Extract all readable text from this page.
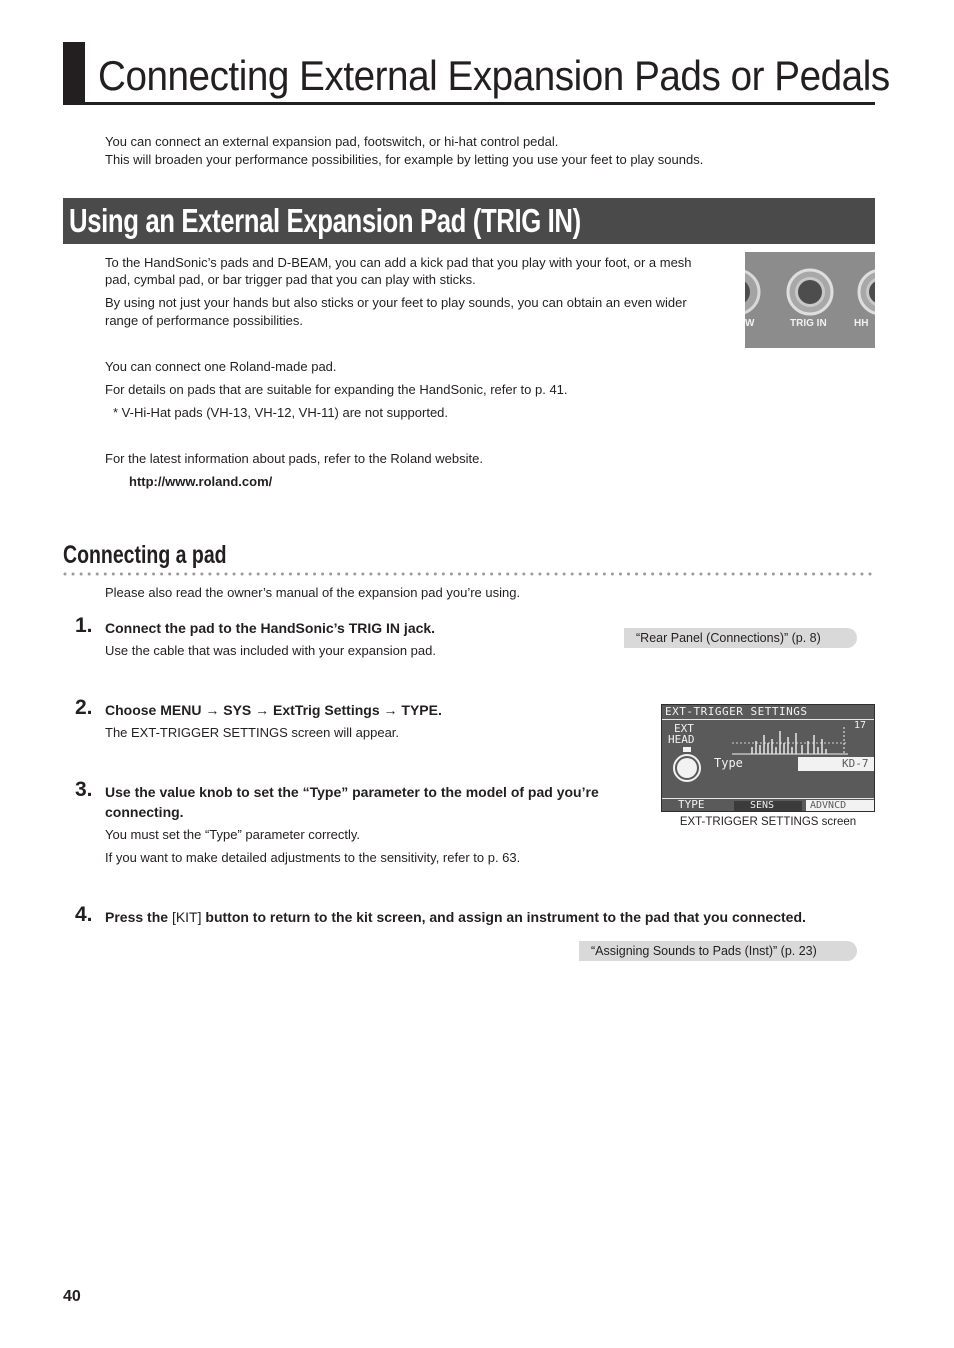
Connecting External Expansion Pads or Pedals
You can connect an external expansion pad, footswitch, or hi-hat control pedal.
This will broaden your performance possibilities, for example by letting you use your feet to play sounds.
Using an External Expansion Pad (TRIG IN)
To the HandSonic’s pads and D-BEAM, you can add a kick pad that you play with your foot, or a mesh
pad, cymbal pad, or bar trigger pad that you can play with sticks.
By using not just your hands but also sticks or your feet to play sounds, you can obtain an even wider
range of performance possibilities.	W	TRIG IN	HH
You can connect one Roland-made pad.
For details on pads that are suitable for expanding the HandSonic, refer to p. 41.
* V-Hi-Hat pads (VH-13, VH-12, VH-11) are not supported.
For the latest information about pads, refer to the Roland website.
http://www.roland.com/
Connecting a pad
Please also read the owner’s manual of the expansion pad you’re using.
1. Connect the pad to the HandSonic’s TRIG IN jack.
Use the cable that was included with your expansion pad.
“Rear Panel (Connections)” (p. 8)
2. Choose MENU → SYS → ExtTrig Settings → TYPE.
The EXT-TRIGGER SETTINGS screen will appear.
EXT-TRIGGER SETTINGS
17
EXT
HEAD
Type	KD-7
TYPE	SENS	ADVNCD
EXT-TRIGGER SETTINGS screen
3. Use the value knob to set the “Type” parameter to the model of pad you’re
connecting.
You must set the “Type” parameter correctly.
If you want to make detailed adjustments to the sensitivity, refer to p. 63.
4. Press the [KIT] button to return to the kit screen, and assign an instrument to the pad that you connected.
“Assigning Sounds to Pads (Inst)” (p. 23)
40
